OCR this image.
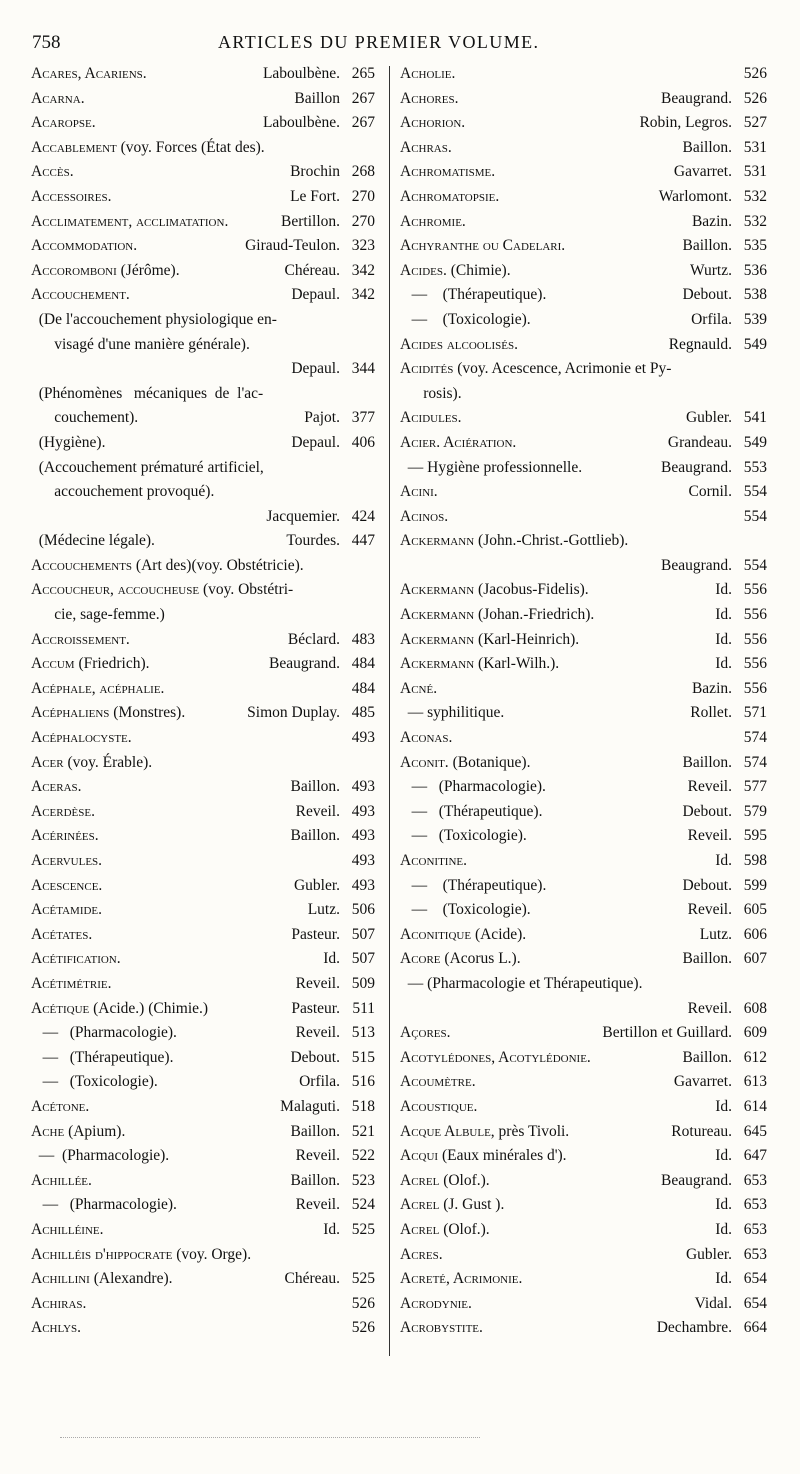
758	ARTICLES DU PREMIER VOLUME.
Acares, Acariens.	Laboulbène. 265
Acarna.	Baillon 267
Acaropse.	Laboulbène. 267
Accablement (voy. Forces (État des).
Accès.	Brochin 268
Accessoires.	Le Fort. 270
Acclimatement, acclimatation.	Bertillon. 270
Accommodation.	Giraud-Teulon. 323
Accoromboni (Jérôme).	Chéreau. 342
Accouchement.	Depaul. 342
(De l'accouchement physiologique en-
visagé d'une manière générale).
Depaul. 344
(Phénomènes   mécaniques  de  l'ac-
couchement).	Pajot. 377
(Hygiène).	Depaul. 406
(Accouchement prématuré artificiel,
accouchement provoqué).
Jacquemier. 424
(Médecine légale).	Tourdes. 447
Accouchements (Art des)(voy. Obstétricie).
Accoucheur, accoucheuse (voy. Obstétri-
cie, sage-femme.)
Accroissement.	Béclard. 483
Accum (Friedrich).	Beaugrand. 484
Acéphale, acéphalie.	484
Acéphaliens (Monstres).	Simon Duplay. 485
Acéphalocyste.	493
Acer (voy. Érable).
Aceras.	Baillon. 493
Acerdèse.	Reveil. 493
Acérinées.	Baillon. 493
Acervules.	493
Acescence.	Gubler. 493
Acétamide.	Lutz. 506
Acétates.	Pasteur. 507
Acétification.	Id. 507
Acétimétrie.	Reveil. 509
Acétique (Acide.) (Chimie.)	Pasteur. 511
—   (Pharmacologie).	Reveil. 513
—   (Thérapeutique).	Debout. 515
—   (Toxicologie).	Orfila. 516
Acétone.	Malaguti. 518
Ache (Apium).	Baillon. 521
—  (Pharmacologie).	Reveil. 522
Achillée.	Baillon. 523
—   (Pharmacologie).	Reveil. 524
Achilléine.	Id. 525
Achilléis d'hippocrate (voy. Orge).
Achillini (Alexandre).	Chéreau. 525
Achiras.	526
Achlys.	526
Acholie.	526
Achores.	Beaugrand. 526
Achorion.	Robin, Legros. 527
Achras.	Baillon. 531
Achromatisme.	Gavarret. 531
Achromatopsie.	Warlomont. 532
Achromie.	Bazin. 532
Achyranthe ou Cadelari.	Baillon. 535
Acides. (Chimie).	Wurtz. 536
—    (Thérapeutique).	Debout. 538
—    (Toxicologie).	Orfila. 539
Acides alcoolisés.	Regnauld. 549
Acidités (voy. Acescence, Acrimonie et Py-
rosis).
Acidules.	Gubler. 541
Acier. Aciération.	Grandeau. 549
— Hygiène professionnelle.	Beaugrand. 553
Acini.	Cornil. 554
Acinos.	554
Ackermann (John.-Christ.-Gottlieb).
Beaugrand. 554
Ackermann (Jacobus-Fidelis).	Id. 556
Ackermann (Johan.-Friedrich).	Id. 556
Ackermann (Karl-Heinrich).	Id. 556
Ackermann (Karl-Wilh.).	Id. 556
Acné.	Bazin. 556
— syphilitique.	Rollet. 571
Aconas.	574
Aconit. (Botanique).	Baillon. 574
—   (Pharmacologie).	Reveil. 577
—   (Thérapeutique).	Debout. 579
—   (Toxicologie).	Reveil. 595
Aconitine.	Id. 598
—    (Thérapeutique).	Debout. 599
—    (Toxicologie).	Reveil. 605
Aconitique (Acide).	Lutz. 606
Acore (Acorus L.).	Baillon. 607
— (Pharmacologie et Thérapeutique).
Reveil. 608
Açores.	Bertillon et Guillard. 609
Acotylédones, Acotylédonie.	Baillon. 612
Acoumètre.	Gavarret. 613
Acoustique.	Id. 614
Acque Albule, près Tivoli.	Rotureau. 645
Acqui (Eaux minérales d').	Id. 647
Acrel (Olof.).	Beaugrand. 653
Acrel (J. Gust ).	Id. 653
Acrel (Olof.).	Id. 653
Acres.	Gubler. 653
Acreté, Acrimonie.	Id. 654
Acrodynie.	Vidal. 654
Acrobystite.	Dechambre. 664
